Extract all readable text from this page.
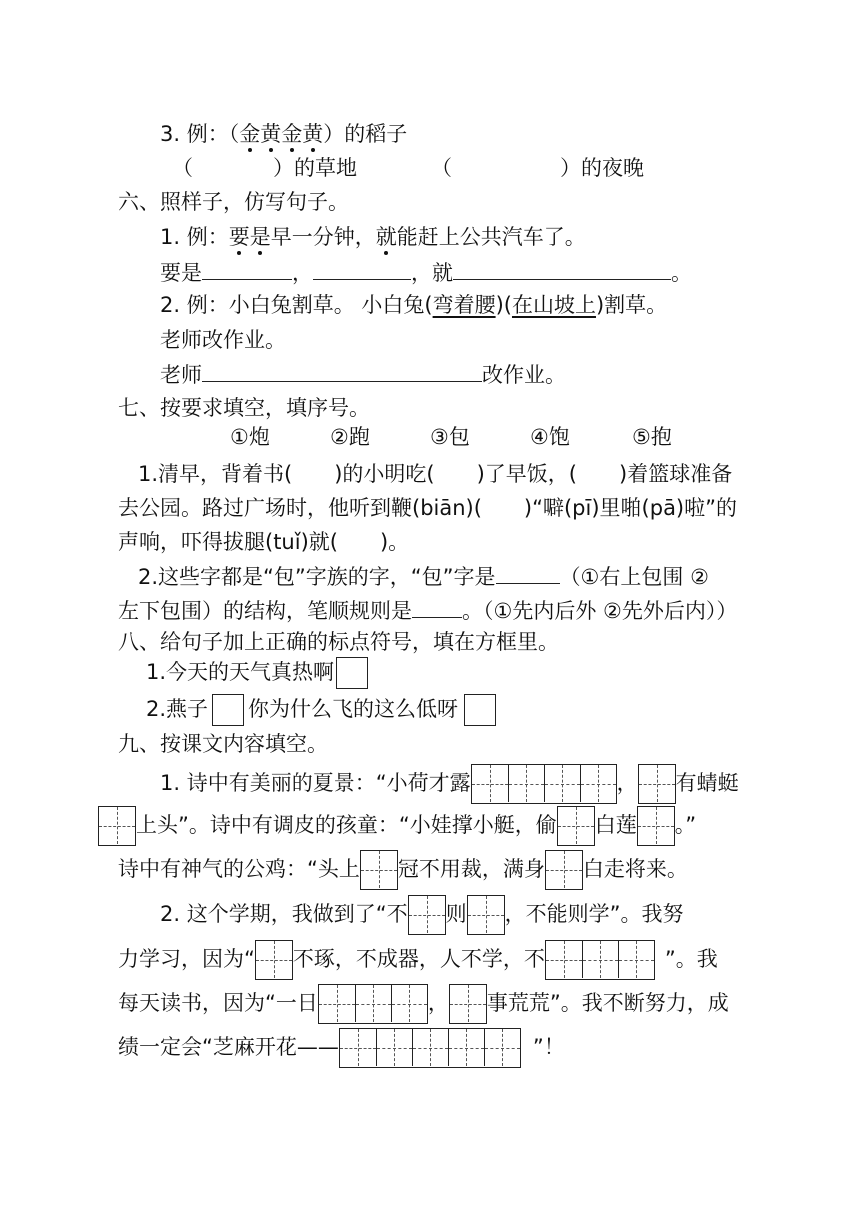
3. 例：（金黄金黄）的稻子
（	）的草地	（	）的夜晚
六、照样子，仿写句子。
1. 例：要是早一分钟，就能赶上公共汽车了。
要是	，	，就	。
2. 例：小白兔割草。 小白兔(弯着腰)(在山坡上)割草。
老师改作业。
老师	改作业。
七、按要求填空，填序号。
①炮	②跑	③包	④饱	⑤抱
1.清早，背着书(　　)的小明吃(　　)了早饭，(　　)着篮球准备
去公园。路过广场时，他听到鞭(biān)(　　)“噼(pī)里啪(pā)啦”的
声响，吓得拔腿(tuǐ)就(　　)。
2.这些字都是“包”字族的字，“包”字是	（①右上包围 ②
左下包围）的结构，笔顺规则是 。（①先内后外 ②先外后内））
八、给句子加上正确的标点符号，填在方框里。
1.今天的天气真热啊
2.燕子 你为什么飞的这么低呀
九、按课文内容填空。
1. 诗中有美丽的夏景：“小荷才露	， 有蜻蜓
上头”。诗中有调皮的孩童：“小娃撑小艇，偷 白莲 。”
诗中有神气的公鸡：“头上 冠不用裁，满身 白走将来。
2. 这个学期，我做到了“不 则 ，不能则学”。我努
力学习，因为“ 不琢，不成器，人不学，不	”。我
每天读书，因为“一日	， 事荒荒”。我不断努力，成
绩一定会“芝麻开花——	”！
